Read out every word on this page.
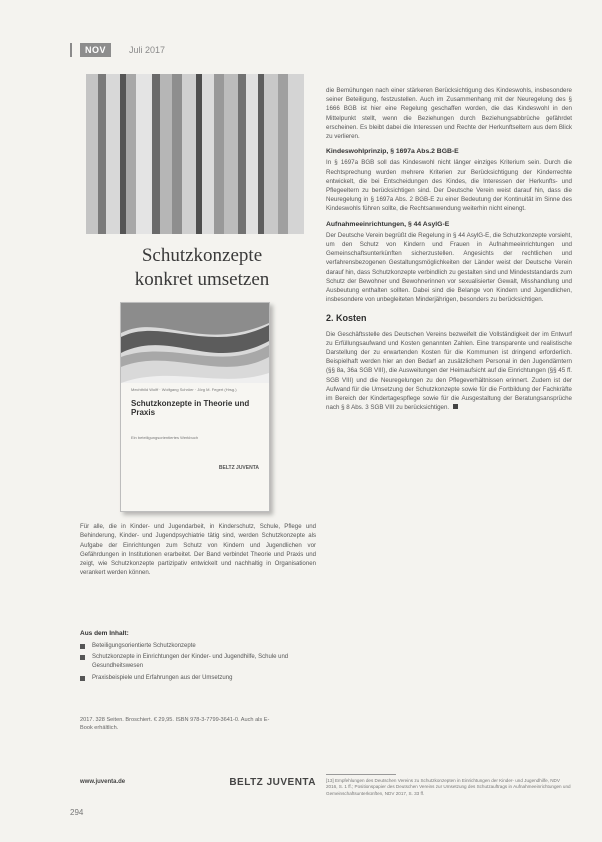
NOV	Juli 2017
Schutzkonzepte
konkret umsetzen
Mechthild Wolff · Wolfgang Schröer · Jörg M. Fegert (Hrsg.)
Schutzkonzepte in Theorie und Praxis
Ein beteiligungsorientiertes Werkbuch
BELTZ JUVENTA
Für alle, die in Kinder- und Jugendarbeit, in Kinderschutz, Schule, Pflege und Behinderung, Kinder- und Jugendpsychiatrie tätig sind, werden Schutzkonzepte als Aufgabe der Einrichtungen zum Schutz von Kindern und Jugendlichen vor Gefährdungen in Institutionen erarbeitet. Der Band verbindet Theorie und Praxis und zeigt, wie Schutzkonzepte partizipativ entwickelt und nachhaltig in Organisationen verankert werden können.
Aus dem Inhalt:
Beteiligungsorientierte Schutzkonzepte
Schutzkonzepte in Einrichtungen der Kinder- und Jugendhilfe, Schule und Gesundheitswesen
Praxisbeispiele und Erfahrungen aus der Umsetzung
2017. 328 Seiten. Broschiert. € 29,95. ISBN 978-3-7799-3641-0. Auch als E-Book erhältlich.
www.juventa.de	BELTZ JUVENTA

die Bemühungen nach einer stärkeren Berücksichtigung des Kindeswohls, insbesondere seiner Beteiligung, festzustellen. Auch im Zusammenhang mit der Neuregelung des § 1666 BGB ist hier eine Regelung geschaffen worden, die das Kindeswohl in den Mittelpunkt stellt, wenn die Beziehungen durch Beziehungsabbrüche gefährdet erscheinen. Es bleibt dabei die Interessen und Rechte der Herkunftseltern aus dem Blick zu verlieren.

Kindeswohlprinzip, § 1697a Abs.2 BGB-E

In § 1697a BGB soll das Kindeswohl nicht länger einziges Kriterium sein. Durch die Rechtsprechung wurden mehrere Kriterien zur Berücksichtigung der Kinderrechte entwickelt, die bei Entscheidungen des Kindes, die Interessen der Herkunfts- und Pflegeeltern zu berücksichtigen sind. Der Deutsche Verein weist darauf hin, dass die Neuregelung in § 1697a Abs. 2 BGB-E zu einer Bedeutung der Kontinuität im Sinne des Kindeswohls führen sollte, die Rechtsanwendung weiterhin nicht einengt.

Aufnahmeeinrichtungen, § 44 AsylG-E

Der Deutsche Verein begrüßt die Regelung in § 44 AsylG-E, die Schutzkonzepte vorsieht, um den Schutz von Kindern und Frauen in Aufnahmeeinrichtungen und Gemeinschaftsunterkünften sicherzustellen. Angesichts der rechtlichen und verfahrensbezogenen Gestaltungsmöglichkeiten der Länder weist der Deutsche Verein darauf hin, dass Schutzkonzepte verbindlich zu gestalten sind und Mindeststandards zum Schutz der Bewohner und Bewohnerinnen vor sexualisierter Gewalt, Misshandlung und Ausbeutung enthalten sollten. Dabei sind die Belange von Kindern und Jugendlichen, insbesondere von unbegleiteten Minderjährigen, besonders zu berücksichtigen.

2. Kosten

Die Geschäftsstelle des Deutschen Vereins bezweifelt die Vollständigkeit der im Entwurf zu Erfüllungsaufwand und Kosten genannten Zahlen. Eine transparente und realistische Darstellung der zu erwartenden Kosten für die Kommunen ist dringend erforderlich. Beispielhaft werden hier an den Bedarf an zusätzlichem Personal in den Jugendämtern (§§ 8a, 36a SGB VIII), die Ausweitungen der Heimaufsicht auf die Einrichtungen (§§ 45 ff. SGB VIII) und die Neuregelungen zu den Pflegeverhältnissen erinnert. Zudem ist der Aufwand für die Umsetzung der Schutzkonzepte sowie für die Fortbildung der Fachkräfte im Bereich der Kindertagespflege sowie für die Ausgestaltung der Beratungsansprüche nach § 8 Abs. 3 SGB VIII zu berücksichtigen.

[13] Empfehlungen des Deutschen Vereins zu Schutzkonzepten in Einrichtungen der Kinder- und Jugendhilfe, NDV 2016, S. 1 ff.; Positionspapier des Deutschen Vereins zur Umsetzung des Schutzauftrags in Aufnahmeeinrichtungen und Gemeinschaftsunterkünften, NDV 2017, S. 33 ff.
294
